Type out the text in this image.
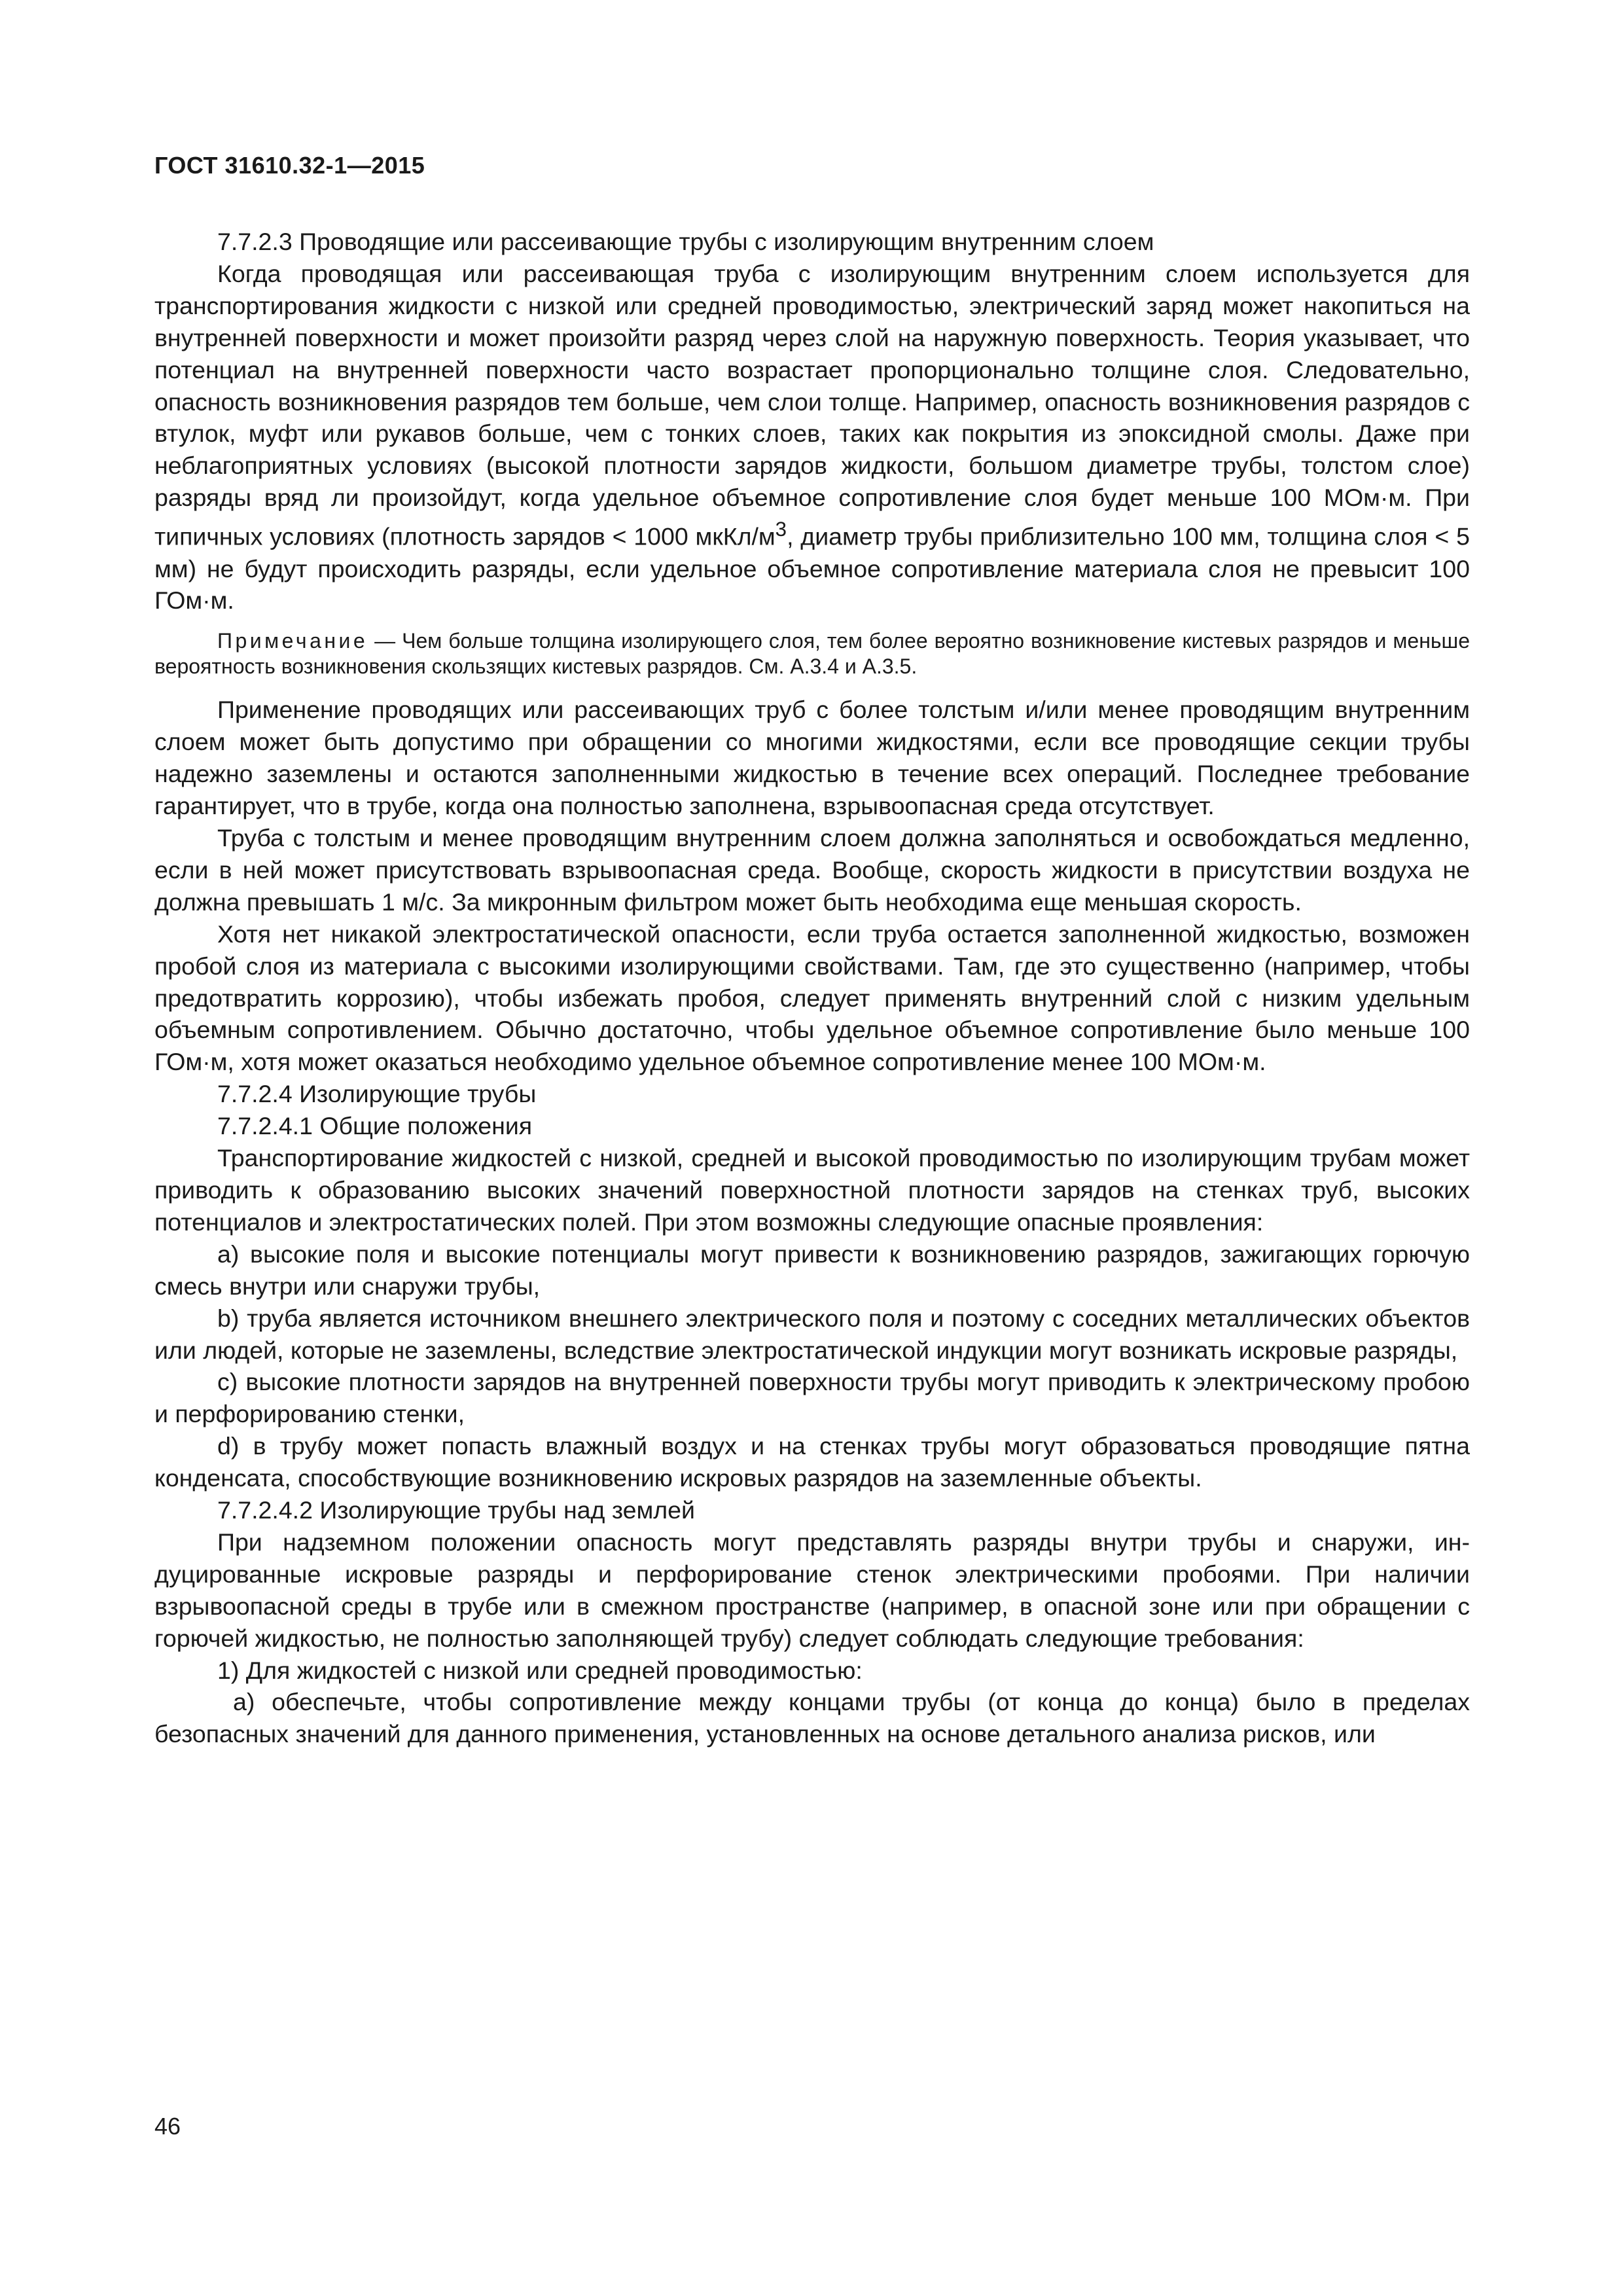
ГОСТ 31610.32-1—2015

7.7.2.3 Проводящие или рассеивающие трубы с изолирующим внутренним слоем

Когда проводящая или рассеивающая труба с изолирующим внутренним слоем используется для транспортирования жидкости с низкой или средней проводимостью, электрический заряд может накопиться на внутренней поверхности и может произойти разряд через слой на наружную поверхность. Теория указывает, что потенциал на внутренней поверхности часто возрастает пропорционально толщине слоя. Следовательно, опасность возникновения разрядов тем больше, чем слои толще. Например, опасность возникновения разрядов с втулок, муфт или рукавов больше, чем с тонких слоев, таких как покрытия из эпоксидной смолы. Даже при неблагоприятных условиях (высокой плотности зарядов жидкости, большом диаметре трубы, толстом слое) разряды вряд ли произойдут, когда удельное объемное сопротивление слоя будет меньше 100 МОм·м. При типичных условиях (плотность зарядов < 1000 мкКл/$м^3$, диаметр трубы приблизительно 100 мм, толщина слоя < 5 мм) не будут происходить разряды, если удельное объемное сопротивление материала слоя не превысит 100 ГОм·м.

Примечание — Чем больше толщина изолирующего слоя, тем более вероятно возникновение кистевых разрядов и меньше вероятность возникновения скользящих кистевых разрядов. См. А.3.4 и А.3.5.

Применение проводящих или рассеивающих труб с более толстым и/или менее проводящим внутренним слоем может быть допустимо при обращении со многими жидкостями, если все проводящие секции трубы надежно заземлены и остаются заполненными жидкостью в течение всех операций. Последнее требование гарантирует, что в трубе, когда она полностью заполнена, взрывоопасная среда отсутствует.

Труба с толстым и менее проводящим внутренним слоем должна заполняться и освобождаться медленно, если в ней может присутствовать взрывоопасная среда. Вообще, скорость жидкости в присутствии воздуха не должна превышать 1 м/с. За микронным фильтром может быть необходима еще меньшая скорость.

Хотя нет никакой электростатической опасности, если труба остается заполненной жидкостью, возможен пробой слоя из материала с высокими изолирующими свойствами. Там, где это существенно (например, чтобы предотвратить коррозию), чтобы избежать пробоя, следует применять внутренний слой с низким удельным объемным сопротивлением. Обычно достаточно, чтобы удельное объемное сопротивление было меньше 100 ГОм·м, хотя может оказаться необходимо удельное объемное сопротивление менее 100 МОм·м.

7.7.2.4 Изолирующие трубы

7.7.2.4.1 Общие положения

Транспортирование жидкостей с низкой, средней и высокой проводимостью по изолирующим трубам может приводить к образованию высоких значений поверхностной плотности зарядов на стенках труб, высоких потенциалов и электростатических полей. При этом возможны следующие опасные проявления:

a) высокие поля и высокие потенциалы могут привести к возникновению разрядов, зажигающих горючую смесь внутри или снаружи трубы,

b) труба является источником внешнего электрического поля и поэтому с соседних металлических объектов или людей, которые не заземлены, вследствие электростатической индукции могут возникать искровые разряды,

c) высокие плотности зарядов на внутренней поверхности трубы могут приводить к электрическому пробою и перфорированию стенки,

d) в трубу может попасть влажный воздух и на стенках трубы могут образоваться проводящие пятна конденсата, способствующие возникновению искровых разрядов на заземленные объекты.

7.7.2.4.2 Изолирующие трубы над землей

При надземном положении опасность могут представлять разряды внутри трубы и снаружи, индуцированные искровые разряды и перфорирование стенок электрическими пробоями. При наличии взрывоопасной среды в трубе или в смежном пространстве (например, в опасной зоне или при обращении с горючей жидкостью, не полностью заполняющей трубу) следует соблюдать следующие требования:

1) Для жидкостей с низкой или средней проводимостью:

а) обеспечьте, чтобы сопротивление между концами трубы (от конца до конца) было в пределах безопасных значений для данного применения, установленных на основе детального анализа рисков, или

46
